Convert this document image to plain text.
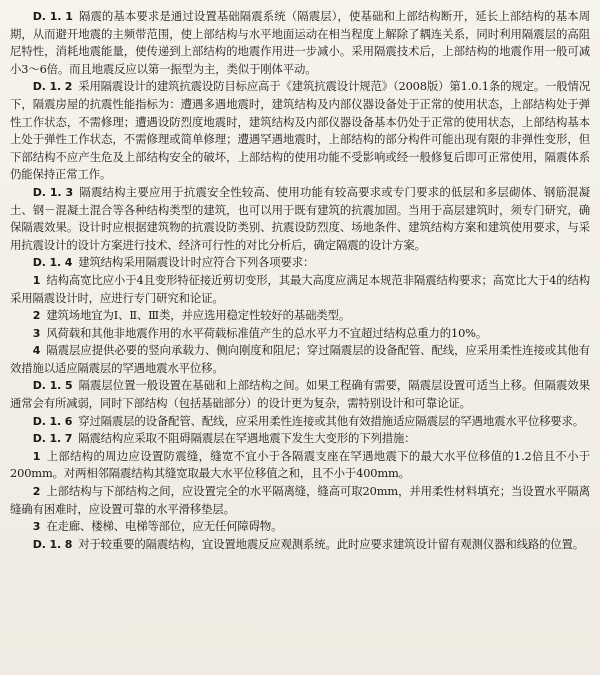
D. 1. 1 隔震的基本要求是通过设置基础隔震系统（隔震层），使基础和上部结构断开，延长上部结构的基本周期，从而避开地震的主频带范围，使上部结构与水平地面运动在相当程度上解除了耦连关系，同时利用隔震层的高阻尼特性，消耗地震能量，使传递到上部结构的地震作用进一步减小。采用隔震技术后，上部结构的地震作用一般可减小3～6倍。而且地震反应以第一振型为主，类似于刚体平动。

D. 1. 2 采用隔震设计的建筑抗震设防目标应高于《建筑抗震设计规范》（2008版）第1.0.1条的规定。一般情况下，隔震房屋的抗震性能指标为：遭遇多遇地震时，建筑结构及内部仪器设备处于正常的使用状态，上部结构处于弹性工作状态，不需修理；遭遇设防烈度地震时，建筑结构及内部仪器设备基本仍处于正常的使用状态，上部结构基本上处于弹性工作状态，不需修理或简单修理；遭遇罕遇地震时，上部结构的部分构件可能出现有限的非弹性变形，但下部结构不应产生危及上部结构安全的破坏，上部结构的使用功能不受影响或经一般修复后即可正常使用，隔震体系仍能保持正常工作。

D. 1. 3 隔震结构主要应用于抗震安全性较高、使用功能有较高要求或专门要求的低层和多层砌体、钢筋混凝土、钢－混凝土混合等各种结构类型的建筑，也可以用于既有建筑的抗震加固。当用于高层建筑时，须专门研究，确保隔震效果。设计时应根据建筑物的抗震设防类别、抗震设防烈度、场地条件、建筑结构方案和建筑使用要求，与采用抗震设计的设计方案进行技术、经济可行性的对比分析后，确定隔震的设计方案。

D. 1. 4 建筑结构采用隔震设计时应符合下列各项要求：

1 结构高宽比应小于4且变形特征接近剪切变形，其最大高度应满足本规范非隔震结构要求；高宽比大于4的结构采用隔震设计时，应进行专门研究和论证。

2 建筑场地宜为Ⅰ、Ⅱ、Ⅲ类，并应选用稳定性较好的基础类型。

3 风荷载和其他非地震作用的水平荷载标准值产生的总水平力不宜超过结构总重力的10%。

4 隔震层应提供必要的竖向承载力、侧向刚度和阻尼；穿过隔震层的设备配管、配线，应采用柔性连接或其他有效措施以适应隔震层的罕遇地震水平位移。

D. 1. 5 隔震层位置一般设置在基础和上部结构之间。如果工程确有需要，隔震层设置可适当上移。但隔震效果通常会有所减弱，同时下部结构（包括基础部分）的设计更为复杂，需特别设计和可靠论证。

D. 1. 6 穿过隔震层的设备配管、配线，应采用柔性连接或其他有效措施适应隔震层的罕遇地震水平位移要求。

D. 1. 7 隔震结构应采取不阻碍隔震层在罕遇地震下发生大变形的下列措施：

1 上部结构的周边应设置防震缝，缝宽不宜小于各隔震支座在罕遇地震下的最大水平位移值的1.2倍且不小于200mm。对两相邻隔震结构其缝宽取最大水平位移值之和，且不小于400mm。

2 上部结构与下部结构之间，应设置完全的水平隔离缝，缝高可取20mm，并用柔性材料填充；当设置水平隔离缝确有困难时，应设置可靠的水平滑移垫层。

3 在走廊、楼梯、电梯等部位，应无任何障碍物。

D. 1. 8 对于较重要的隔震结构，宜设置地震反应观测系统。此时应要求建筑设计留有观测仪器和线路的位置。
